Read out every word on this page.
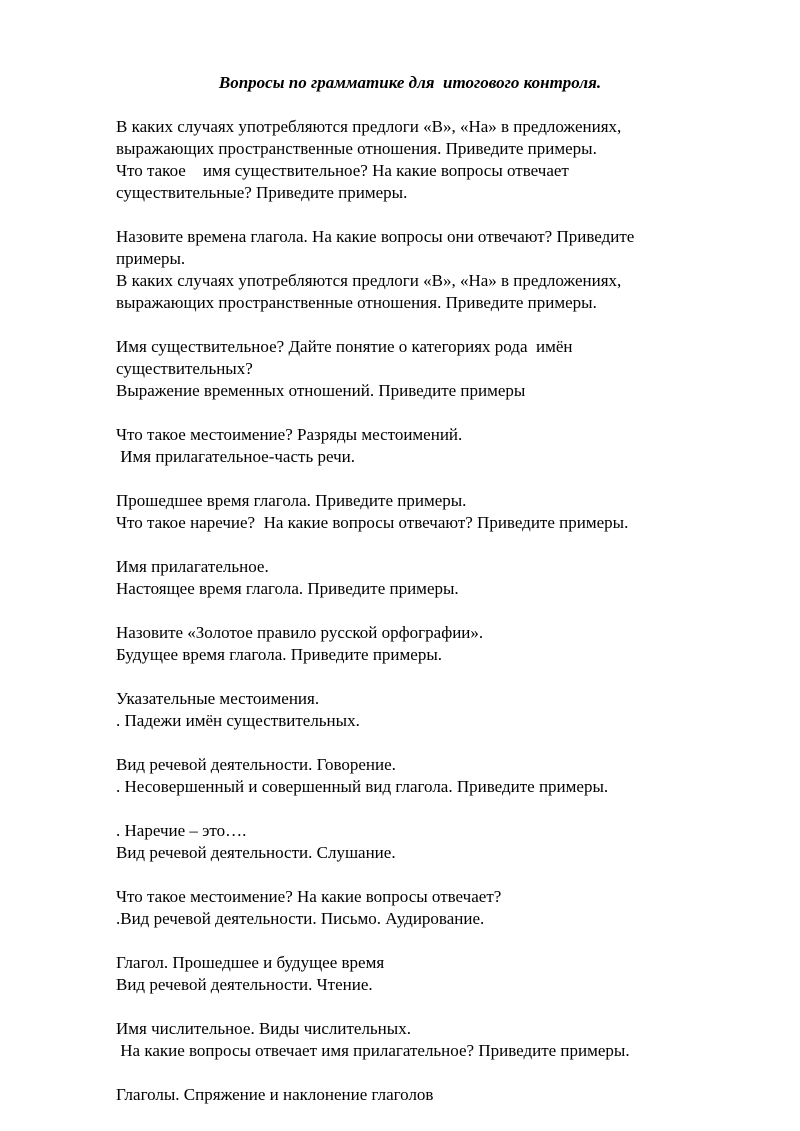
Вопросы по грамматике для  итогового контроля.
В каких случаях употребляются предлоги «В», «На» в предложениях,
выражающих пространственные отношения. Приведите примеры.
Что такое    имя существительное? На какие вопросы отвечает
существительные? Приведите примеры.
Назовите времена глагола. На какие вопросы они отвечают? Приведите
примеры.
В каких случаях употребляются предлоги «В», «На» в предложениях,
выражающих пространственные отношения. Приведите примеры.
Имя существительное? Дайте понятие о категориях рода  имён
существительных?
Выражение временных отношений. Приведите примеры
Что такое местоимение? Разряды местоимений.
Имя прилагательное-часть речи.
Прошедшее время глагола. Приведите примеры.
Что такое наречие?  На какие вопросы отвечают? Приведите примеры.
Имя прилагательное.
Настоящее время глагола. Приведите примеры.
Назовите «Золотое правило русской орфографии».
Будущее время глагола. Приведите примеры.
Указательные местоимения.
. Падежи имён существительных.
Вид речевой деятельности. Говорение.
. Несовершенный и совершенный вид глагола. Приведите примеры.
. Наречие – это….
Вид речевой деятельности. Слушание.
Что такое местоимение? На какие вопросы отвечает?
.Вид речевой деятельности. Письмо. Аудирование.
Глагол. Прошедшее и будущее время
Вид речевой деятельности. Чтение.
Имя числительное. Виды числительных.
На какие вопросы отвечает имя прилагательное? Приведите примеры.
Глаголы. Спряжение и наклонение глаголов
